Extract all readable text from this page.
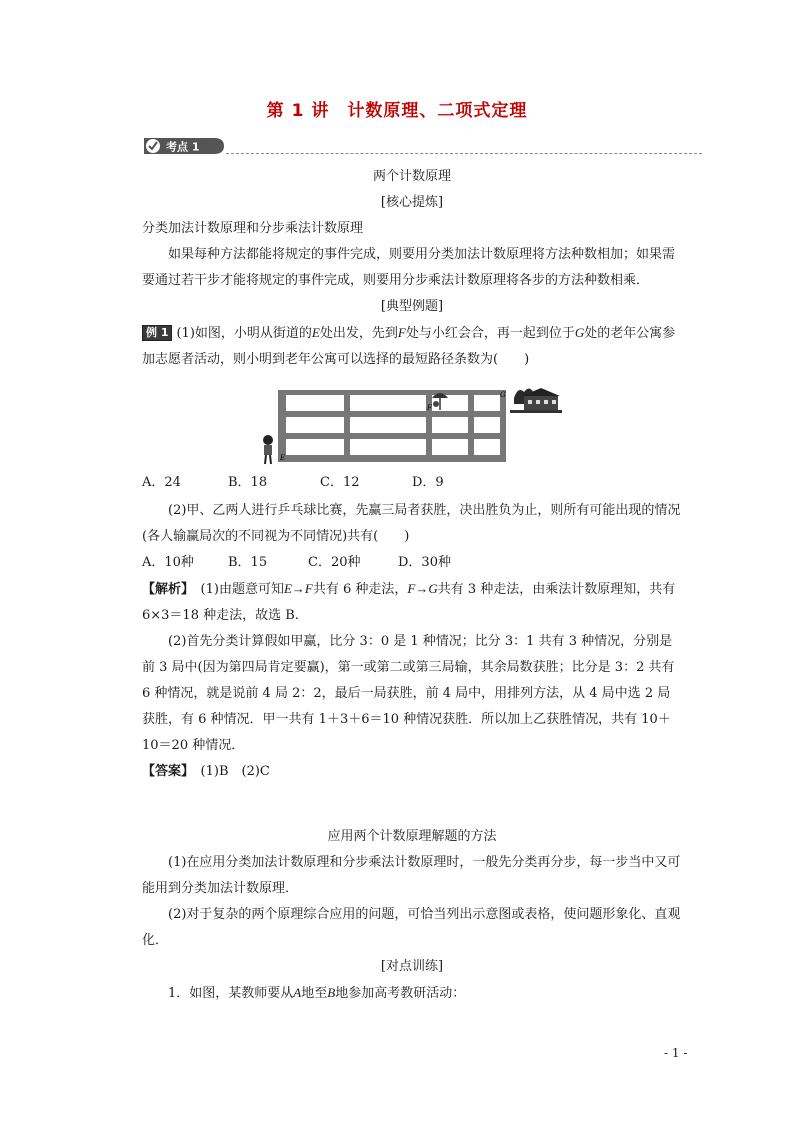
第 1 讲　计数原理、二项式定理
考点 1

两个计数原理

[核心提炼]

分类加法计数原理和分步乘法计数原理

如果每种方法都能将规定的事件完成，则要用分类加法计数原理将方法种数相加；如果需要通过若干步才能将规定的事件完成，则要用分步乘法计数原理将各步的方法种数相乘．

[典型例题]

例 1 (1)如图，小明从街道的E处出发，先到F处与小红会合，再一起到位于G处的老年公寓参加志愿者活动，则小明到老年公寓可以选择的最短路径条数为(　　)

E
F
G

A．24	B．18	C．12	D．9

(2)甲、乙两人进行乒乓球比赛，先赢三局者获胜，决出胜负为止，则所有可能出现的情况(各人输赢局次的不同视为不同情况)共有(　　)

A．10种	B．15	C．20种	D．30种

【解析】　 (1)由题意可知E→F共有 6 种走法，F→G共有 3 种走法，由乘法计数原理知，共有 6×3＝18 种走法，故选 B.

(2)首先分类计算假如甲赢，比分 3：0 是 1 种情况；比分 3：1 共有 3 种情况，分别是前 3 局中(因为第四局肯定要赢)，第一或第二或第三局输，其余局数获胜；比分是 3：2 共有 6 种情况，就是说前 4 局 2：2，最后一局获胜，前 4 局中，用排列方法，从 4 局中选 2 局获胜，有 6 种情况．甲一共有 1＋3＋6＝10 种情况获胜．所以加上乙获胜情况，共有 10＋10＝20 种情况．

【答案】　 (1)B　(2)C

应用两个计数原理解题的方法

(1)在应用分类加法计数原理和分步乘法计数原理时，一般先分类再分步，每一步当中又可能用到分类加法计数原理．

(2)对于复杂的两个原理综合应用的问题，可恰当列出示意图或表格，使问题形象化、直观化．

[对点训练]

1．如图，某教师要从A地至B地参加高考教研活动：

- 1 -
